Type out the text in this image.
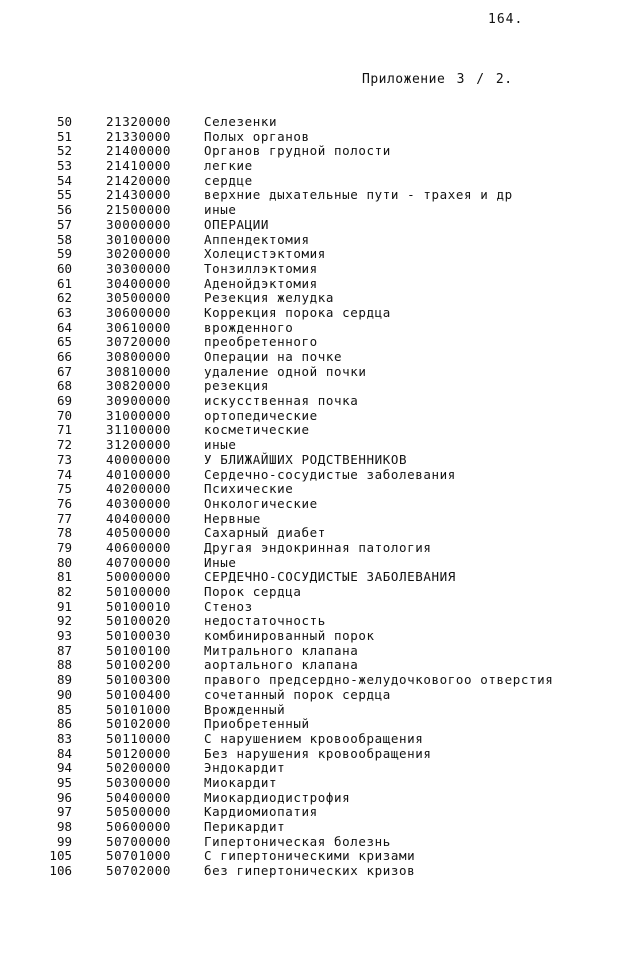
164.
Приложение 3 / 2.
50	21320000	Селезенки
51	21330000	Полых органов
52	21400000	Органов грудной полости
53	21410000	легкие
54	21420000	сердце
55	21430000	верхние дыхательные пути - трахея и др
56	21500000	иные
57	30000000	ОПЕРАЦИИ
58	30100000	Аппендектомия
59	30200000	Холецистэктомия
60	30300000	Тонзиллэктомия
61	30400000	Аденойдэктомия
62	30500000	Резекция желудка
63	30600000	Коррекция порока сердца
64	30610000	врожденного
65	30720000	преобретенного
66	30800000	Операции на почке
67	30810000	удаление одной почки
68	30820000	резекция
69	30900000	искусственная почка
70	31000000	ортопедические
71	31100000	косметические
72	31200000	иные
73	40000000	У БЛИЖАЙШИХ РОДСТВЕННИКОВ
74	40100000	Сердечно-сосудистые заболевания
75	40200000	Психические
76	40300000	Онкологические
77	40400000	Нервные
78	40500000	Сахарный диабет
79	40600000	Другая эндокринная патология
80	40700000	Иные
81	50000000	СЕРДЕЧНО-СОСУДИСТЫЕ ЗАБОЛЕВАНИЯ
82	50100000	Порок сердца
91	50100010	Стеноз
92	50100020	недостаточность
93	50100030	комбинированный порок
87	50100100	Митрального клапана
88	50100200	аортального клапана
89	50100300	правого предсердно-желудочковогоо отверстия
90	50100400	сочетанный порок сердца
85	50101000	Врожденный
86	50102000	Приобретенный
83	50110000	С нарушением кровообращения
84	50120000	Без нарушения кровообращения
94	50200000	Эндокардит
95	50300000	Миокардит
96	50400000	Миокардиодистрофия
97	50500000	Кардиомиопатия
98	50600000	Перикардит
99	50700000	Гипертоническая болезнь
105	50701000	С гипертоническими кризами
106	50702000	без гипертонических кризов
